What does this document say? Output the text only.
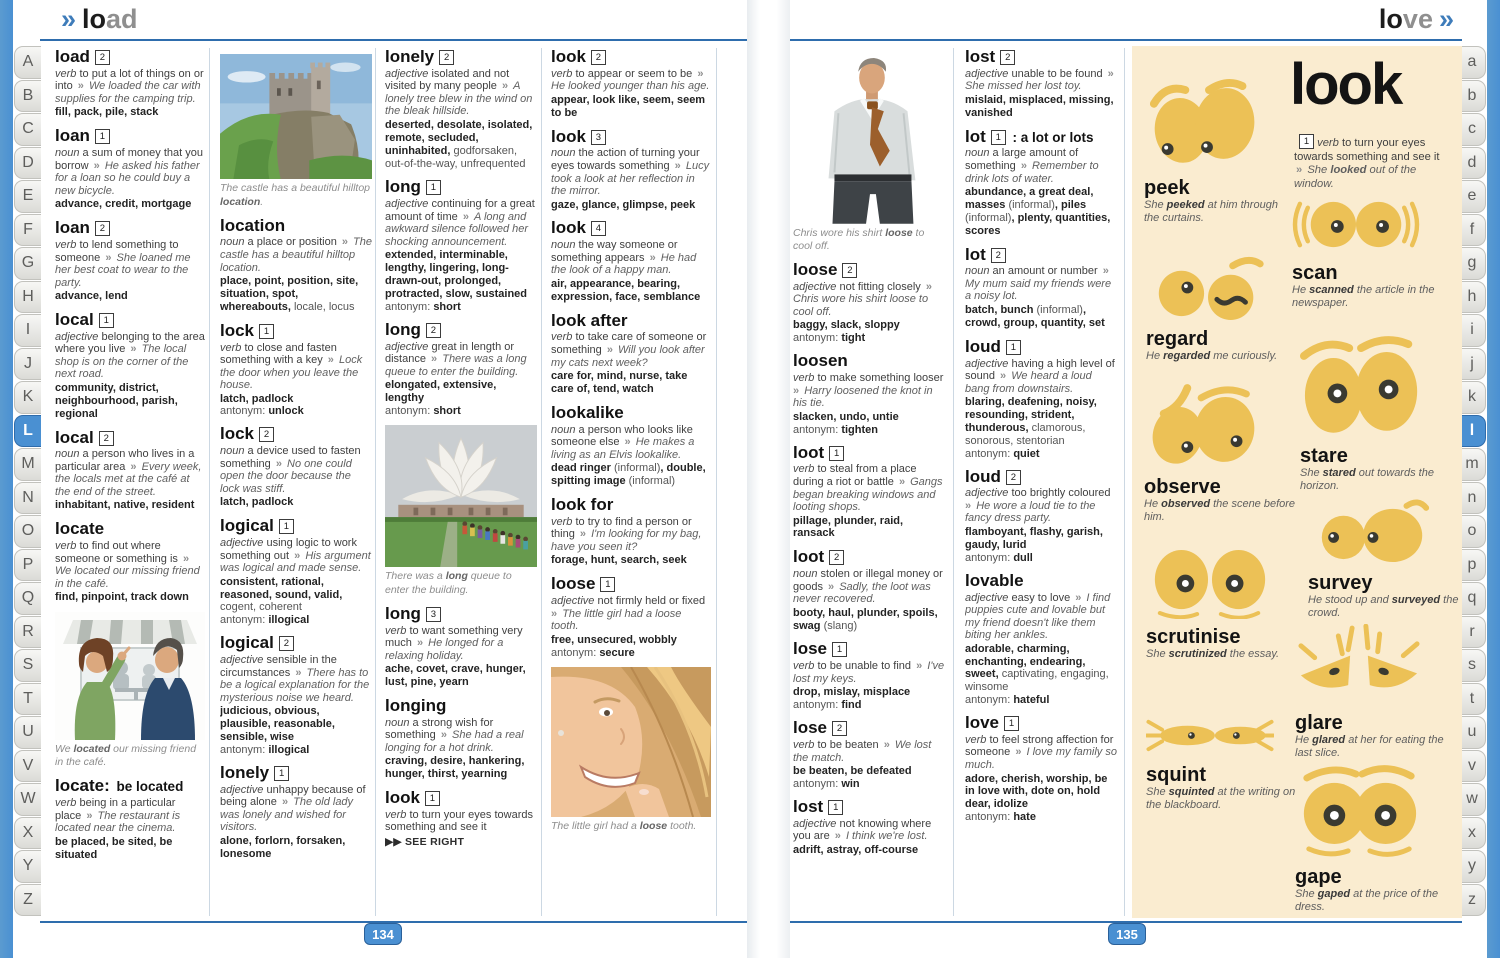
A
B
C
D
E
F
G
H
I
J
K
L
M
N
O
P
Q
R
S
T
U
V
W
X
Y
Z
a
b
c
d
e
f
g
h
i
j
k
l
m
n
o
p
q
r
s
t
u
v
w
x
y
z
» load	love »
load 2
verb to put a lot of things on or into » We loaded the car with supplies for the camping trip.
fill, pack, pile, stack
loan 1
noun a sum of money that you borrow » He asked his father for a loan so he could buy a new bicycle.
advance, credit, mortgage
loan 2
verb to lend something to someone » She loaned me her best coat to wear to the party.
advance, lend
local 1
adjective belonging to the area where you live » The local shop is on the corner of the next road.
community, district, neighbourhood, parish, regional
local 2
noun a person who lives in a particular area » Every week, the locals met at the café at the end of the street.
inhabitant, native, resident
locate
verb to find out where someone or something is » We located our missing friend in the café.
find, pinpoint, track down
We located our missing friend in the café.
locate: be located
verb being in a particular place » The restaurant is located near the cinema.
be placed, be sited, be situated
The castle has a beautiful hilltop location.
location
noun a place or position » The castle has a beautiful hilltop location.
place, point, position, site, situation, spot, whereabouts, locale, locus
lock 1
verb to close and fasten something with a key » Lock the door when you leave the house.
latch, padlock
antonym: unlock
lock 2
noun a device used to fasten something » No one could open the door because the lock was stiff.
latch, padlock
logical 1
adjective using logic to work something out » His argument was logical and made sense.
consistent, rational, reasoned, sound, valid, cogent, coherent
antonym: illogical
logical 2
adjective sensible in the circumstances » There has to be a logical explanation for the mysterious noise we heard.
judicious, obvious, plausible, reasonable, sensible, wise
antonym: illogical
lonely 1
adjective unhappy because of being alone » The old lady was lonely and wished for visitors.
alone, forlorn, forsaken, lonesome
lonely 2
adjective isolated and not visited by many people » A lonely tree blew in the wind on the bleak hillside.
deserted, desolate, isolated, remote, secluded, uninhabited, godforsaken, out-of-the-way, unfrequented
long 1
adjective continuing for a great amount of time » A long and awkward silence followed her shocking announcement.
extended, interminable, lengthy, lingering, long-drawn-out, prolonged, protracted, slow, sustained
antonym: short
long 2
adjective great in length or distance » There was a long queue to enter the building.
elongated, extensive, lengthy
antonym: short
There was a long queue to enter the building.
long 3
verb to want something very much » He longed for a relaxing holiday.
ache, covet, crave, hunger, lust, pine, yearn
longing
noun a strong wish for something » She had a real longing for a hot drink.
craving, desire, hankering, hunger, thirst, yearning
look 1
verb to turn your eyes towards something and see it
▶▶ SEE RIGHT
look 2
verb to appear or seem to be » He looked younger than his age.
appear, look like, seem, seem to be
look 3
noun the action of turning your eyes towards something » Lucy took a look at her reflection in the mirror.
gaze, glance, glimpse, peek
look 4
noun the way someone or something appears » He had the look of a happy man.
air, appearance, bearing, expression, face, semblance
look after
verb to take care of someone or something » Will you look after my cats next week?
care for, mind, nurse, take care of, tend, watch
lookalike
noun a person who looks like someone else » He makes a living as an Elvis lookalike.
dead ringer (informal), double, spitting image (informal)
look for
verb to try to find a person or thing » I'm looking for my bag, have you seen it?
forage, hunt, search, seek
loose 1
adjective not firmly held or fixed » The little girl had a loose tooth.
free, unsecured, wobbly
antonym: secure
The little girl had a loose tooth.
Chris wore his shirt loose to cool off.
loose 2
adjective not fitting closely » Chris wore his shirt loose to cool off.
baggy, slack, sloppy
antonym: tight
loosen
verb to make something looser » Harry loosened the knot in his tie.
slacken, undo, untie
antonym: tighten
loot 1
verb to steal from a place during a riot or battle » Gangs began breaking windows and looting shops.
pillage, plunder, raid, ransack
loot 2
noun stolen or illegal money or goods » Sadly, the loot was never recovered.
booty, haul, plunder, spoils, swag (slang)
lose 1
verb to be unable to find » I've lost my keys.
drop, mislay, misplace
antonym: find
lose 2
verb to be beaten » We lost the match.
be beaten, be defeated
antonym: win
lost 1
adjective not knowing where you are » I think we're lost.
adrift, astray, off-course
lost 2
adjective unable to be found » She missed her lost toy.
mislaid, misplaced, missing, vanished
lot 1 : a lot or lots
noun a large amount of something » Remember to drink lots of water.
abundance, a great deal, masses (informal), piles (informal), plenty, quantities, scores
lot 2
noun an amount or number » My mum said my friends were a noisy lot.
batch, bunch (informal), crowd, group, quantity, set
loud 1
adjective having a high level of sound » We heard a loud bang from downstairs.
blaring, deafening, noisy, resounding, strident, thunderous, clamorous, sonorous, stentorian
antonym: quiet
loud 2
adjective too brightly coloured » He wore a loud tie to the fancy dress party.
flamboyant, flashy, garish, gaudy, lurid
antonym: dull
lovable
adjective easy to love » I find puppies cute and lovable but my friend doesn't like them biting her ankles.
adorable, charming, enchanting, endearing, sweet, captivating, engaging, winsome
antonym: hateful
love 1
verb to feel strong affection for someone » I love my family so much.
adore, cherish, worship, be in love with, dote on, hold dear, idolize
antonym: hate
134	135
look
1 verb to turn your eyes towards something and see it » She looked out of the window.
peek
She peeked at him through the curtains.
scan
He scanned the article in the newspaper.
regard
He regarded me curiously.
stare
She stared out towards the horizon.
observe
He observed the scene before him.
survey
He stood up and surveyed the crowd.
scrutinise
She scrutinized the essay.
glare
He glared at her for eating the last slice.
squint
She squinted at the writing on the blackboard.
gape
She gaped at the price of the dress.
